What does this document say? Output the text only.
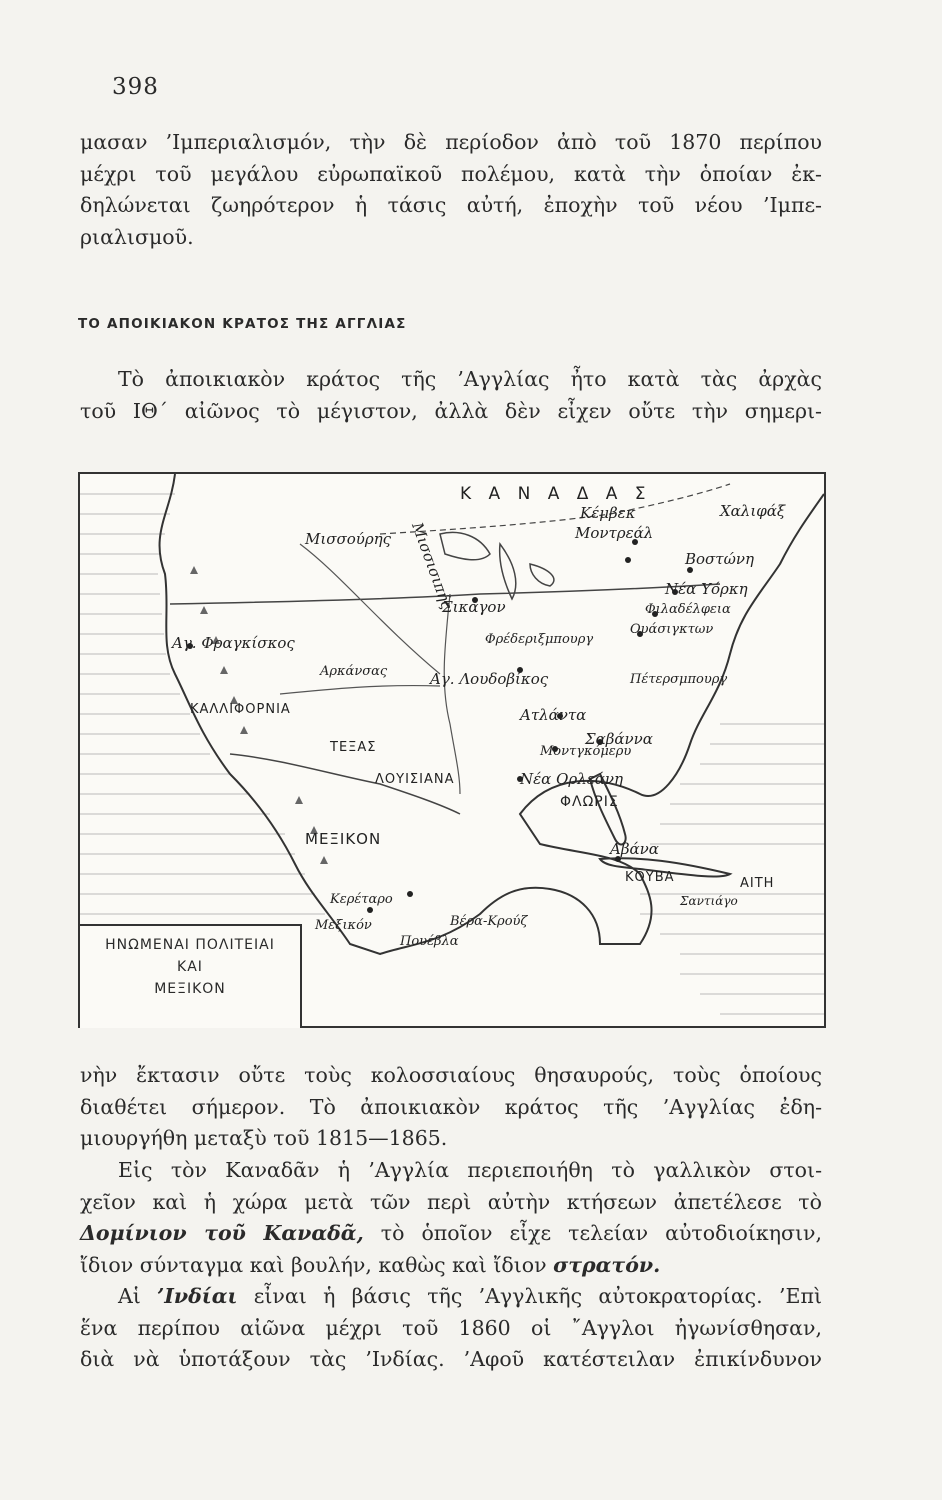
398
μασαν ’Ιμπεριαλισμόν, τὴν δὲ περίοδον ἀπὸ τοῦ 1870 περίπου
μέχρι τοῦ μεγάλου εὐρωπαϊκοῦ πολέμου, κατὰ τὴν ὁποίαν ἐκ-
δηλώνεται ζωηρότερον ἡ τάσις αὐτή, ἐποχὴν τοῦ νέου ’Ιμπε-
ριαλισμοῦ.
ΤΟ ΑΠΟΙΚΙΑΚΟΝ ΚΡΑΤΟΣ ΤΗΣ ΑΓΓΛΙΑΣ
Τὸ ἀποικιακὸν κράτος τῆς ’Αγγλίας ἦτο κατὰ τὰς ἀρχὰς
τοῦ ΙΘ΄ αἰῶνος τὸ μέγιστον, ἀλλὰ δὲν εἶχεν οὔτε τὴν σημερι-
Κ Α Ν Α Δ Α Σ
Κέμβεκ
Μοντρεάλ
Χαλιφάξ
Μισσούρης Μισσισιπής	Βοστώνη
Νέα Υόρκη
Φιλαδέλφεια
Ουάσιγκτων
Σικάγον
Φρέδεριξμπουργ
Αγ. Φραγκίσκος
Αρκάνσας	Αγ. Λουδοβίκος	Πέτερσμπουργ
ΚΑΛΛΙΦΟΡΝΙΑ	Ατλάντα
Σαβάννα
ΤΕΞΑΣ	Μοντγκόμερυ
ΛΟΥΙΣΙΑΝΑ	Νέα Ορλεάνη
ΦΛΩΡΙΣ
ΜΕΞΙΚΟΝ
Αβάνα
ΚΟΥΒΑ	ΑΙΤΗ
Κερέταρο
Βέρα-Κρούζ
Μεξικόν
Πουέβλα
Σαντιάγο
ΗΝΩΜΕΝΑΙ ΠΟΛΙΤΕΙΑΙ
ΚΑΙ
ΜΕΞΙΚΟΝ
νὴν ἔκτασιν οὔτε τοὺς κολοσσιαίους θησαυρούς, τοὺς ὁποίους
διαθέτει σήμερον. Τὸ ἀποικιακὸν κράτος τῆς ’Αγγλίας ἐδη-
μιουργήθη μεταξὺ τοῦ 1815—1865.
Εἰς τὸν Καναδᾶν ἡ ’Αγγλία περιεποιήθη τὸ γαλλικὸν στοι-
χεῖον καὶ ἡ χώρα μετὰ τῶν περὶ αὐτὴν κτήσεων ἀπετέλεσε τὸ
Δομίνιον τοῦ Καναδᾶ, τὸ ὁποῖον εἶχε τελείαν αὐτοδιοίκησιν,
ἴδιον σύνταγμα καὶ βουλήν, καθὼς καὶ ἴδιον στρατόν.
Αἱ ’Ινδίαι εἶναι ἡ βάσις τῆς ’Αγγλικῆς αὐτοκρατορίας. ’Επὶ
ἕνα περίπου αἰῶνα μέχρι τοῦ 1860 οἱ ῎Αγγλοι ἠγωνίσθησαν,
διὰ νὰ ὑποτάξουν τὰς ’Ινδίας. ’Αφοῦ κατέστειλαν ἐπικίνδυνον
